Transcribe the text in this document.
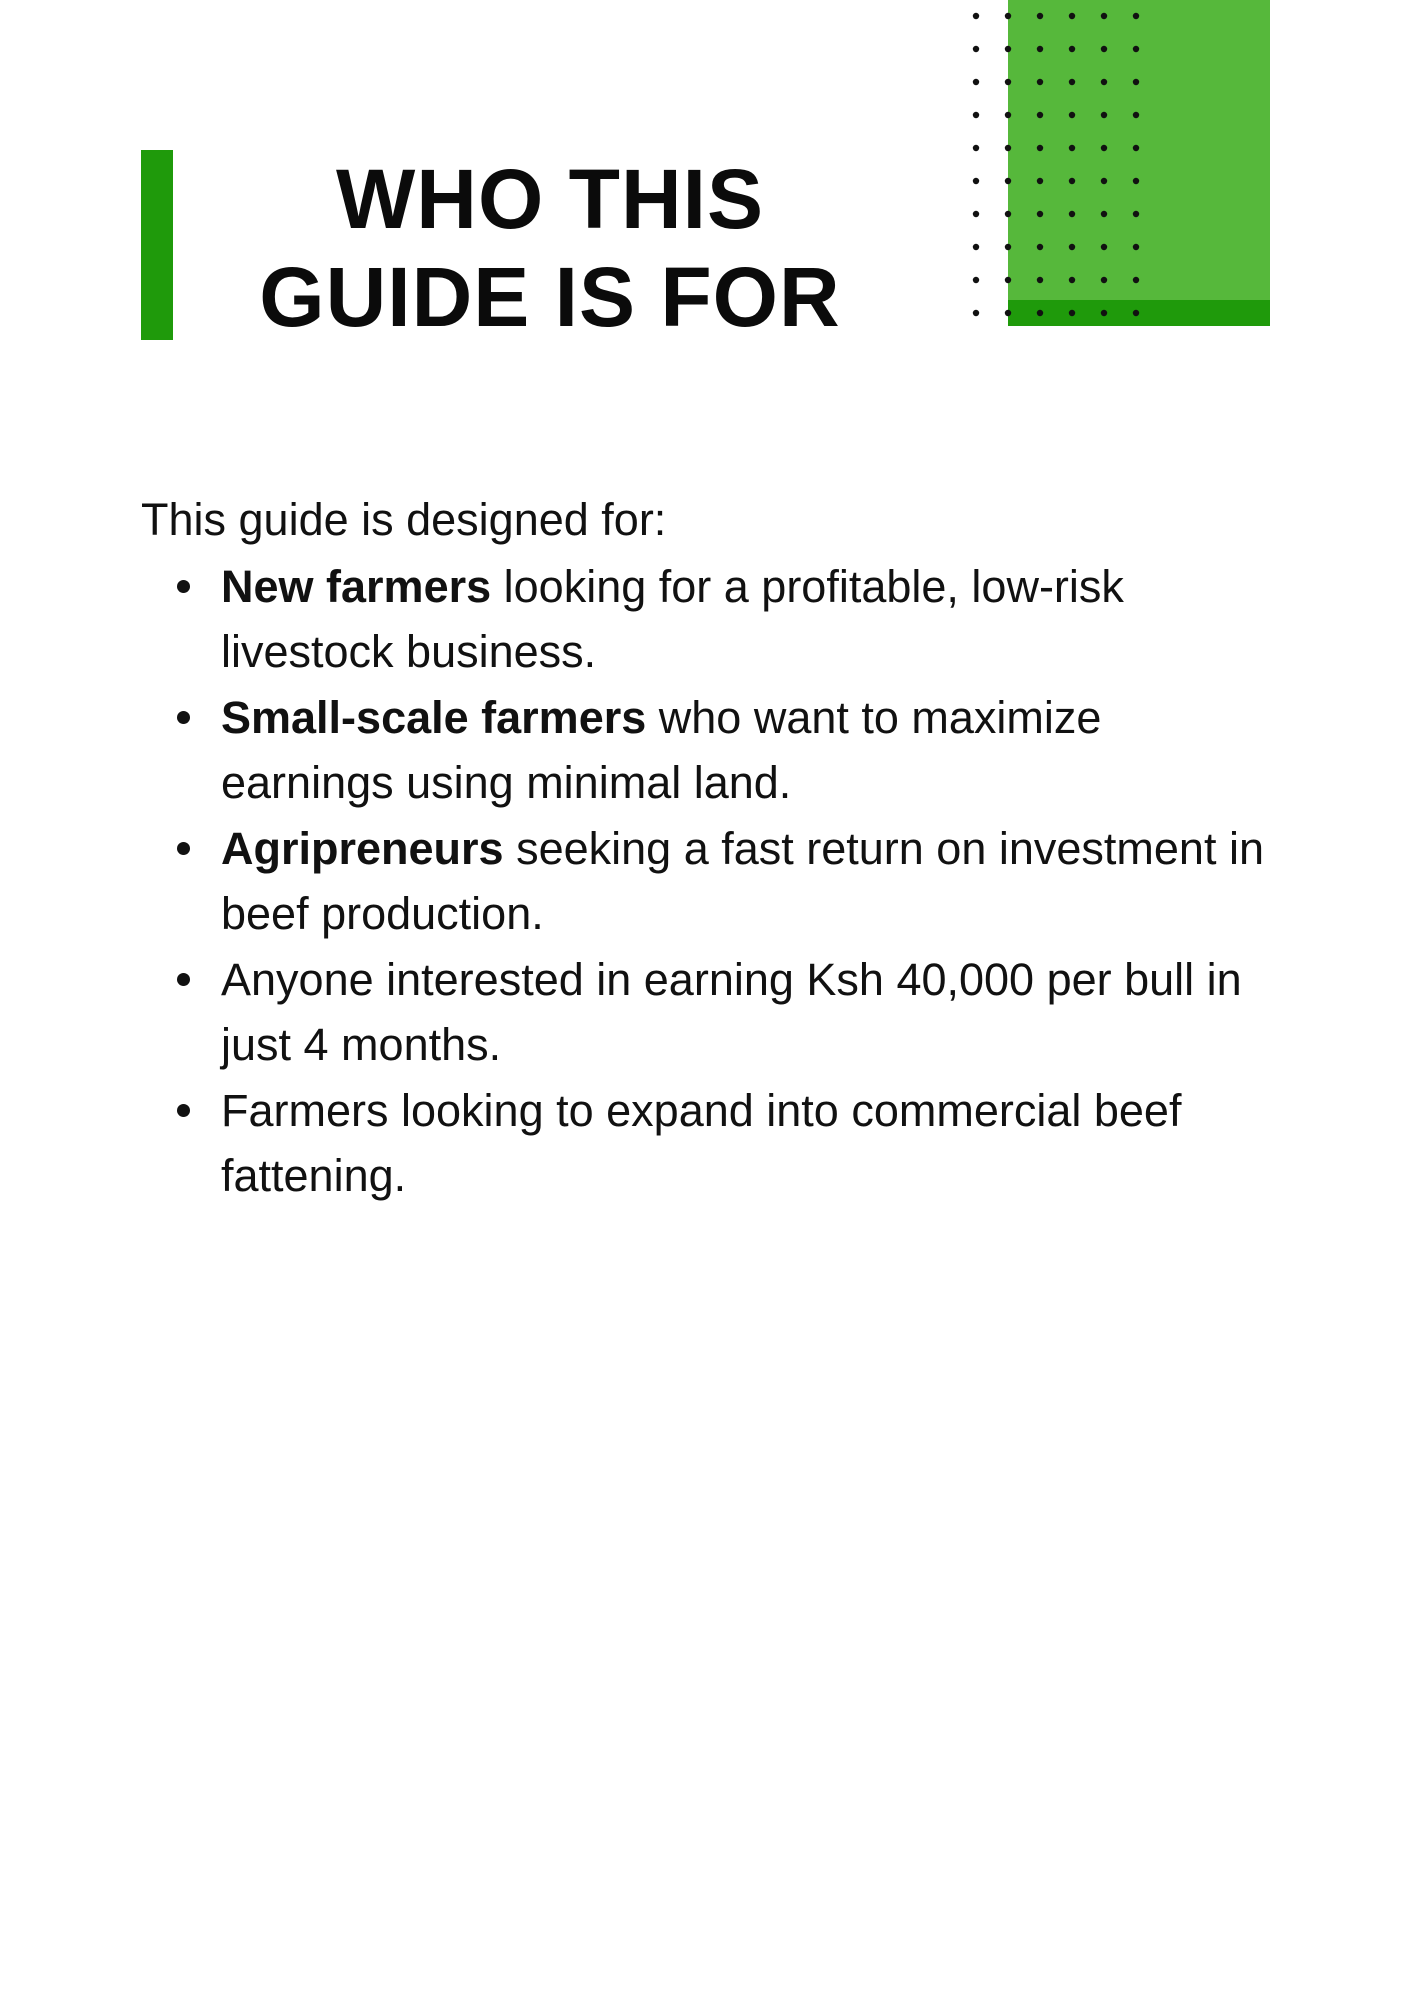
WHO THIS
GUIDE IS FOR

This guide is designed for:

New farmers looking for a profitable, low-risk livestock business.
Small-scale farmers who want to maximize earnings using minimal land.
Agripreneurs seeking a fast return on investment in beef production.
Anyone interested in earning Ksh 40,000 per bull in just 4 months.
Farmers looking to expand into commercial beef fattening.
